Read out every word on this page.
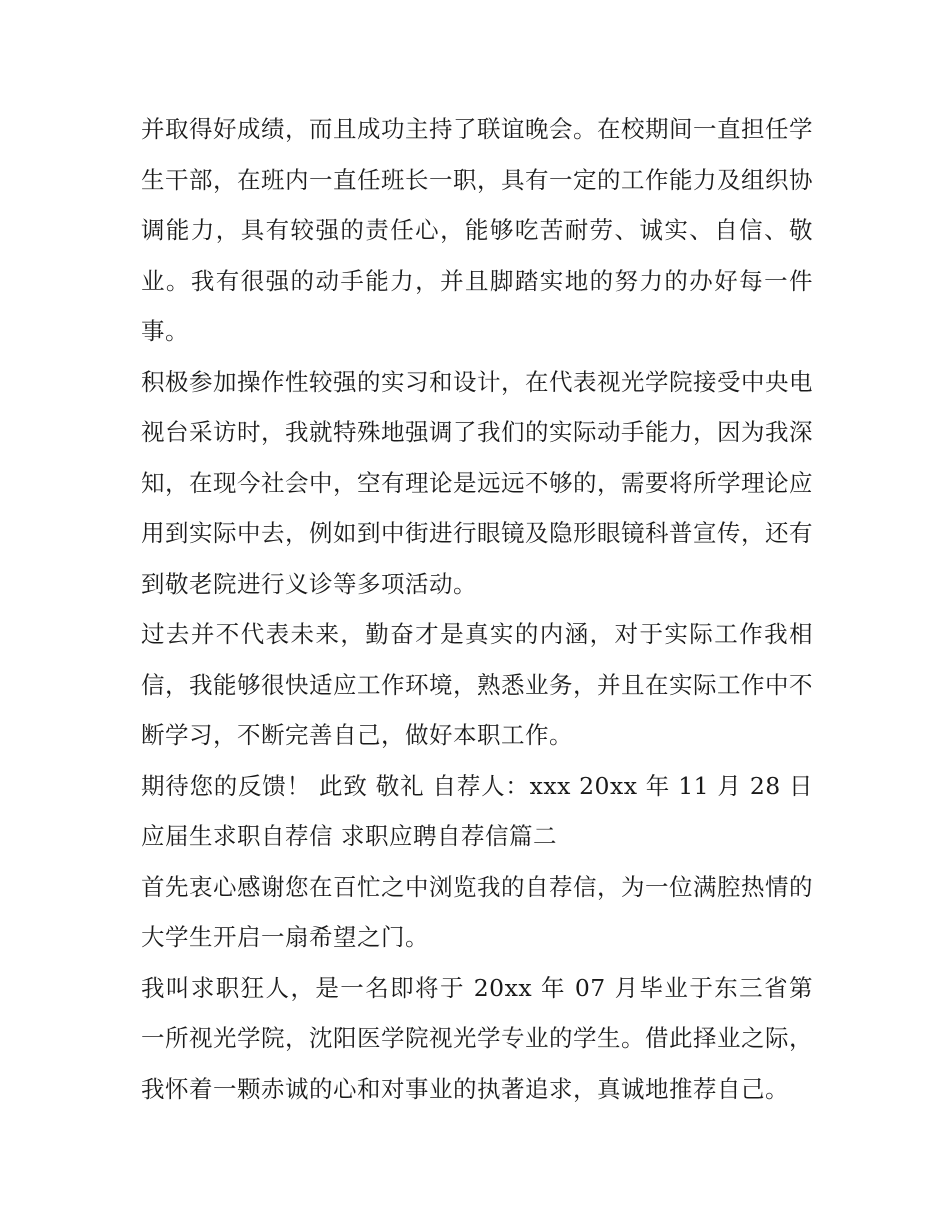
并取得好成绩，而且成功主持了联谊晚会。在校期间一直担任学生干部，在班内一直任班长一职，具有一定的工作能力及组织协调能力，具有较强的责任心，能够吃苦耐劳、诚实、自信、敬业。我有很强的动手能力，并且脚踏实地的努力的办好每一件事。

积极参加操作性较强的实习和设计，在代表视光学院接受中央电视台采访时，我就特殊地强调了我们的实际动手能力，因为我深知，在现今社会中，空有理论是远远不够的，需要将所学理论应用到实际中去，例如到中街进行眼镜及隐形眼镜科普宣传，还有到敬老院进行义诊等多项活动。

过去并不代表未来，勤奋才是真实的内涵，对于实际工作我相信，我能够很快适应工作环境，熟悉业务，并且在实际工作中不断学习，不断完善自己，做好本职工作。

期待您的反馈！ 此致 敬礼 自荐人：xxx 20xx 年 11 月 28 日 应届生求职自荐信 求职应聘自荐信篇二

首先衷心感谢您在百忙之中浏览我的自荐信，为一位满腔热情的大学生开启一扇希望之门。

我叫求职狂人，是一名即将于 20xx 年 07 月毕业于东三省第一所视光学院，沈阳医学院视光学专业的学生。借此择业之际，我怀着一颗赤诚的心和对事业的执著追求，真诚地推荐自己。
